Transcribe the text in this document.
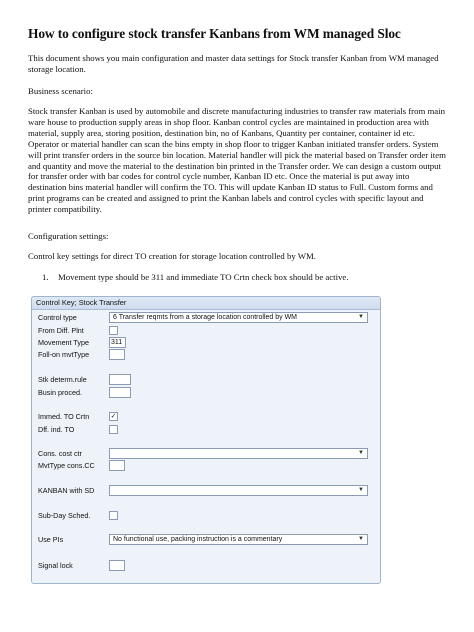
How to configure stock transfer Kanbans from WM managed Sloc
This document shows you main configuration and master data settings for Stock transfer Kanban from WM managed storage location.
Business scenario:
Stock transfer Kanban is used by automobile and discrete manufacturing industries to transfer raw materials from main ware house to production supply areas in shop floor. Kanban control cycles are maintained in production area with material, supply area, storing position, destination bin, no of Kanbans, Quantity per container, container id etc. Operator or material handler can scan the bins empty in shop floor to trigger Kanban initiated transfer orders. System will print transfer orders in the source bin location. Material handler will pick the material based on Transfer order item and quantity and move the material to the destination bin printed in the Transfer order. We can design a custom output for transfer order with bar codes for control cycle number, Kanban ID etc. Once the material is put away into destination bins material handler will confirm the TO. This will update Kanban ID status to Full. Custom forms and print programs can be created and assigned to print the Kanban labels and control cycles with specific layout and printer compatibility.
Configuration settings:
Control key settings for direct TO creation for storage location controlled by WM.
1. Movement type should be 311 and immediate TO Crtn check box should be active.
Control Key; Stock Transfer
Control type	6 Transfer reqmts from a storage location controlled by WM	▼
From Diff. Plnt
Movement Type	311
Foll-on mvtType
Stk determ.rule
Busin proced.
Immed. TO Crtn	✓
Dff. ind. TO
Cons. cost ctr	▼
MvtType cons.CC
KANBAN with SD	▼
Sub-Day Sched.
Use PIs	No functional use, packing instruction is a commentary	▼
Signal lock
